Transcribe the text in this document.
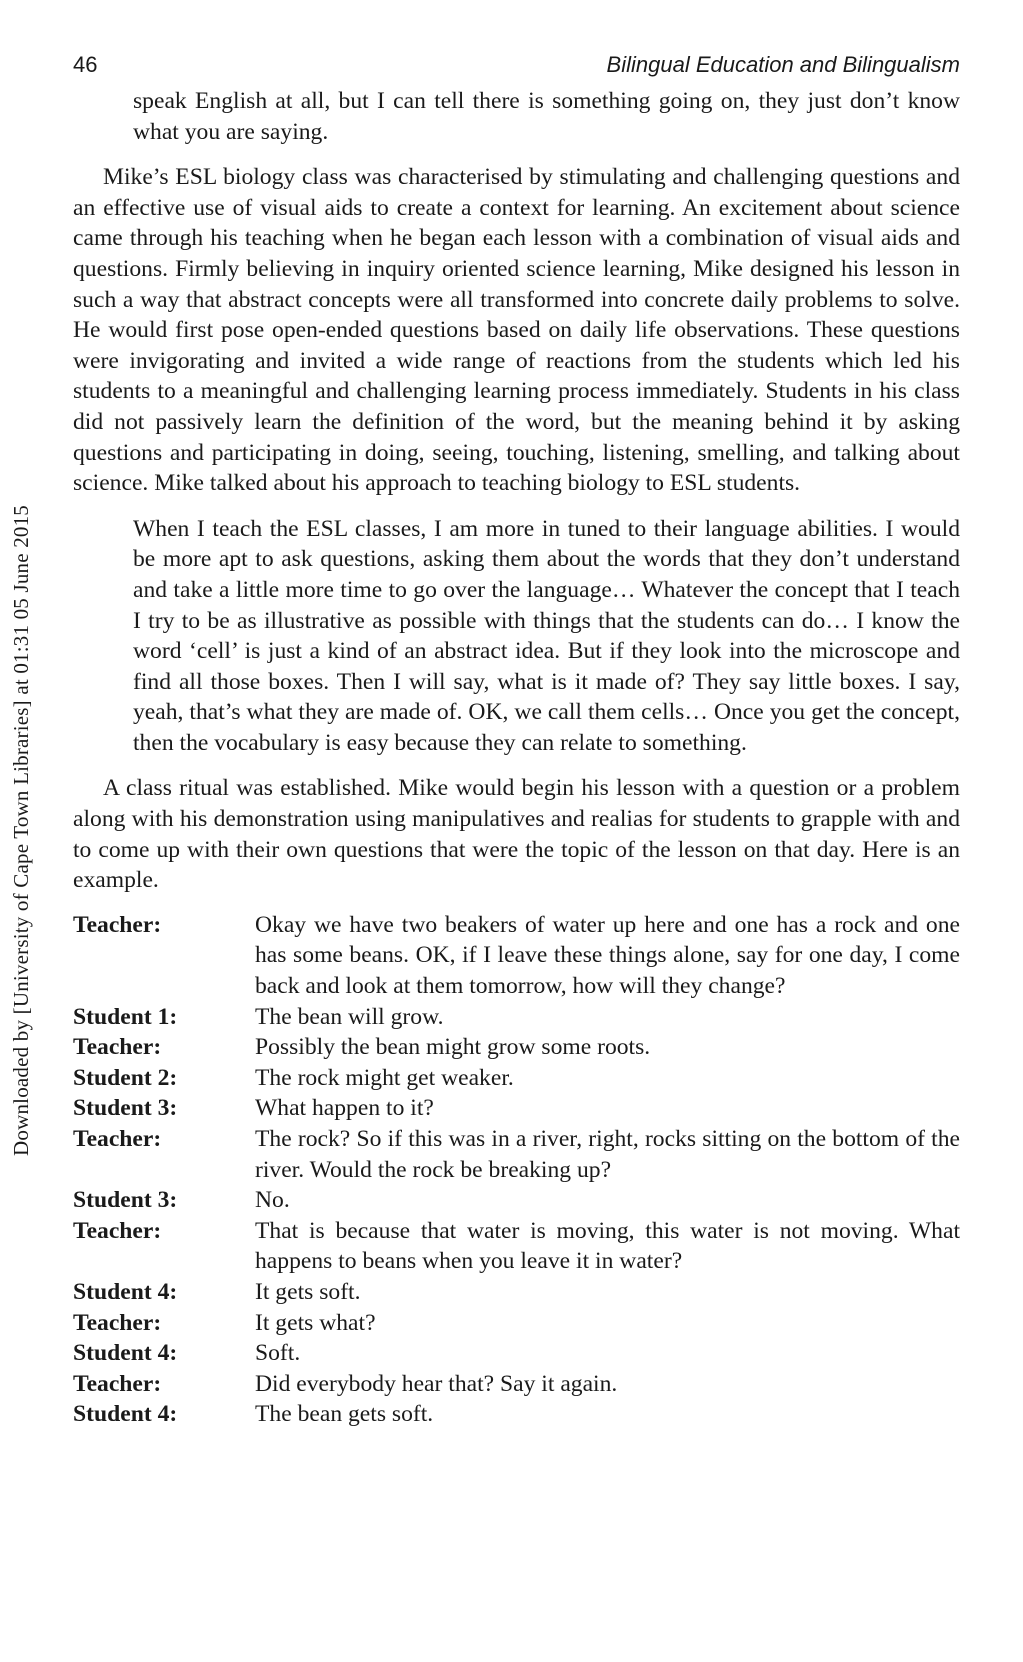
Downloaded by [University of Cape Town Libraries] at 01:31 05 June 2015
46	Bilingual Education and Bilingualism

speak English at all, but I can tell there is something going on, they just don’t know what you are saying.

Mike’s ESL biology class was characterised by stimulating and challenging questions and an effective use of visual aids to create a context for learning. An excitement about science came through his teaching when he began each lesson with a combination of visual aids and questions. Firmly believing in inquiry oriented science learning, Mike designed his lesson in such a way that abstract concepts were all transformed into concrete daily problems to solve. He would first pose open-ended questions based on daily life observations. These questions were invigorating and invited a wide range of reactions from the students which led his students to a meaningful and challenging learning process immediately. Students in his class did not passively learn the definition of the word, but the meaning behind it by asking questions and participating in doing, seeing, touching, listening, smelling, and talking about science. Mike talked about his approach to teaching biology to ESL students.

When I teach the ESL classes, I am more in tuned to their language abilities. I would be more apt to ask questions, asking them about the words that they don’t understand and take a little more time to go over the language… Whatever the concept that I teach I try to be as illustrative as possible with things that the students can do… I know the word ‘cell’ is just a kind of an abstract idea. But if they look into the microscope and find all those boxes. Then I will say, what is it made of? They say little boxes. I say, yeah, that’s what they are made of. OK, we call them cells… Once you get the concept, then the vocabulary is easy because they can relate to something.

A class ritual was established. Mike would begin his lesson with a question or a problem along with his demonstration using manipulatives and realias for students to grapple with and to come up with their own questions that were the topic of the lesson on that day. Here is an example.

Teacher:	Okay we have two beakers of water up here and one has a rock and one has some beans. OK, if I leave these things alone, say for one day, I come back and look at them tomorrow, how will they change?
Student 1:	The bean will grow.
Teacher:	Possibly the bean might grow some roots.
Student 2:	The rock might get weaker.
Student 3:	What happen to it?
Teacher:	The rock? So if this was in a river, right, rocks sitting on the bottom of the river. Would the rock be breaking up?
Student 3:	No.
Teacher:	That is because that water is moving, this water is not moving. What happens to beans when you leave it in water?
Student 4:	It gets soft.
Teacher:	It gets what?
Student 4:	Soft.
Teacher:	Did everybody hear that? Say it again.
Student 4:	The bean gets soft.
